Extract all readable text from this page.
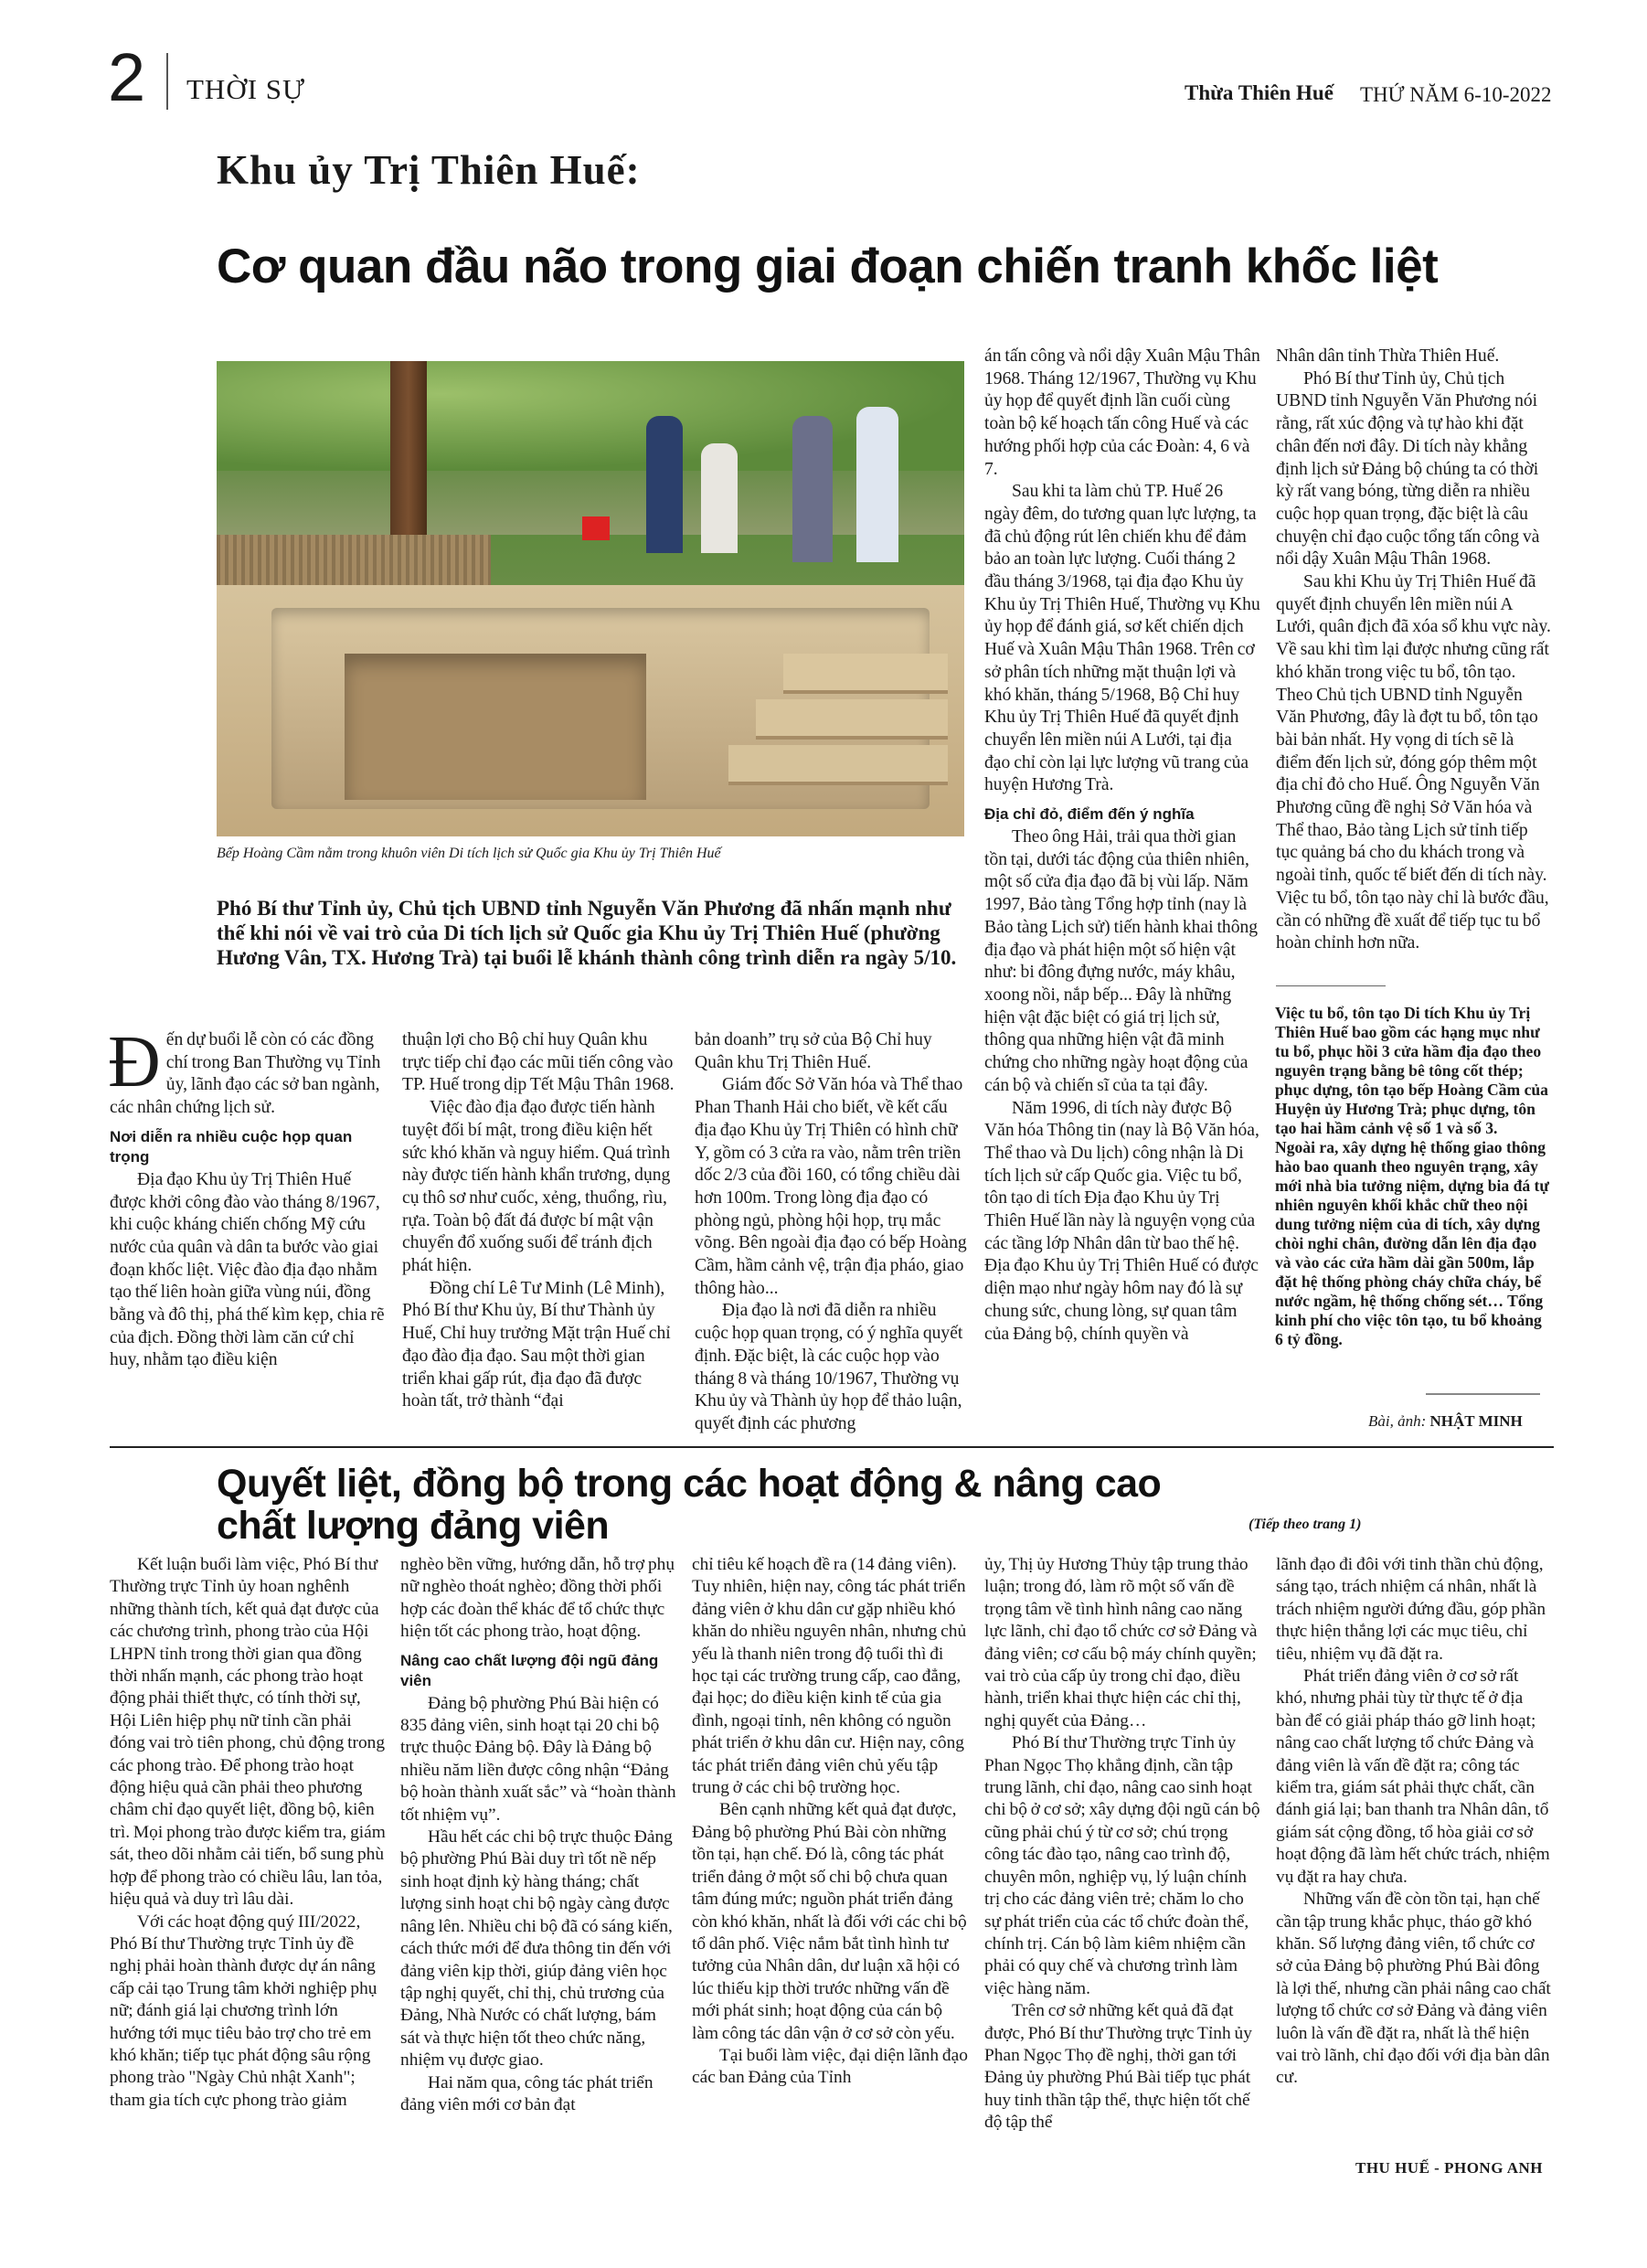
2 THỜI SỰ	Thừa Thiên Huế THỨ NĂM 6-10-2022
Khu ủy Trị Thiên Huế:
Cơ quan đầu não trong giai đoạn chiến tranh khốc liệt
Bếp Hoàng Cầm nằm trong khuôn viên Di tích lịch sử Quốc gia Khu ủy Trị Thiên Huế
Phó Bí thư Tỉnh ủy, Chủ tịch UBND tỉnh Nguyễn Văn Phương đã nhấn mạnh như thế khi nói về vai trò của Di tích lịch sử Quốc gia Khu ủy Trị Thiên Huế (phường Hương Vân, TX. Hương Trà) tại buổi lễ khánh thành công trình diễn ra ngày 5/10.

Đến dự buổi lễ còn có các đồng chí trong Ban Thường vụ Tỉnh ủy, lãnh đạo các sở ban ngành, các nhân chứng lịch sử.

Nơi diễn ra nhiều cuộc họp quan trọng

Địa đạo Khu ủy Trị Thiên Huế được khởi công đào vào tháng 8/1967, khi cuộc kháng chiến chống Mỹ cứu nước của quân và dân ta bước vào giai đoạn khốc liệt. Việc đào địa đạo nhằm tạo thế liên hoàn giữa vùng núi, đồng bằng và đô thị, phá thế kìm kẹp, chia rẽ của địch. Đồng thời làm căn cứ chỉ huy, nhằm tạo điều kiện

thuận lợi cho Bộ chỉ huy Quân khu trực tiếp chỉ đạo các mũi tiến công vào TP. Huế trong dịp Tết Mậu Thân 1968.

Việc đào địa đạo được tiến hành tuyệt đối bí mật, trong điều kiện hết sức khó khăn và nguy hiểm. Quá trình này được tiến hành khẩn trương, dụng cụ thô sơ như cuốc, xẻng, thuổng, rìu, rựa. Toàn bộ đất đá được bí mật vận chuyển đổ xuống suối để tránh địch phát hiện.

Đồng chí Lê Tư Minh (Lê Minh), Phó Bí thư Khu ủy, Bí thư Thành ủy Huế, Chỉ huy trưởng Mặt trận Huế chỉ đạo đào địa đạo. Sau một thời gian triển khai gấp rút, địa đạo đã được hoàn tất, trở thành “đại

bản doanh” trụ sở của Bộ Chỉ huy Quân khu Trị Thiên Huế.

Giám đốc Sở Văn hóa và Thể thao Phan Thanh Hải cho biết, về kết cấu địa đạo Khu ủy Trị Thiên có hình chữ Y, gồm có 3 cửa ra vào, nằm trên triền dốc 2/3 của đồi 160, có tổng chiều dài hơn 100m. Trong lòng địa đạo có phòng ngủ, phòng hội họp, trụ mắc võng. Bên ngoài địa đạo có bếp Hoàng Cầm, hầm cảnh vệ, trận địa pháo, giao thông hào...

Địa đạo là nơi đã diễn ra nhiều cuộc họp quan trọng, có ý nghĩa quyết định. Đặc biệt, là các cuộc họp vào tháng 8 và tháng 10/1967, Thường vụ Khu ủy và Thành ủy họp để thảo luận, quyết định các phương

án tấn công và nổi dậy Xuân Mậu Thân 1968. Tháng 12/1967, Thường vụ Khu ủy họp để quyết định lần cuối cùng toàn bộ kế hoạch tấn công Huế và các hướng phối hợp của các Đoàn: 4, 6 và 7.

Sau khi ta làm chủ TP. Huế 26 ngày đêm, do tương quan lực lượng, ta đã chủ động rút lên chiến khu để đảm bảo an toàn lực lượng. Cuối tháng 2 đầu tháng 3/1968, tại địa đạo Khu ủy Khu ủy Trị Thiên Huế, Thường vụ Khu ủy họp để đánh giá, sơ kết chiến dịch Huế và Xuân Mậu Thân 1968. Trên cơ sở phân tích những mặt thuận lợi và khó khăn, tháng 5/1968, Bộ Chỉ huy Khu ủy Trị Thiên Huế đã quyết định chuyển lên miền núi A Lưới, tại địa đạo chỉ còn lại lực lượng vũ trang của huyện Hương Trà.

Địa chỉ đỏ, điểm đến ý nghĩa

Theo ông Hải, trải qua thời gian tồn tại, dưới tác động của thiên nhiên, một số cửa địa đạo đã bị vùi lấp. Năm 1997, Bảo tàng Tổng hợp tỉnh (nay là Bảo tàng Lịch sử) tiến hành khai thông địa đạo và phát hiện một số hiện vật như: bi đông đựng nước, máy khâu, xoong nồi, nắp bếp... Đây là những hiện vật đặc biệt có giá trị lịch sử, thông qua những hiện vật đã minh chứng cho những ngày hoạt động của cán bộ và chiến sĩ của ta tại đây.

Năm 1996, di tích này được Bộ Văn hóa Thông tin (nay là Bộ Văn hóa, Thể thao và Du lịch) công nhận là Di tích lịch sử cấp Quốc gia. Việc tu bổ, tôn tạo di tích Địa đạo Khu ủy Trị Thiên Huế lần này là nguyện vọng của các tầng lớp Nhân dân từ bao thế hệ. Địa đạo Khu ủy Trị Thiên Huế có được diện mạo như ngày hôm nay đó là sự chung sức, chung lòng, sự quan tâm của Đảng bộ, chính quyền và

Nhân dân tỉnh Thừa Thiên Huế.

Phó Bí thư Tỉnh ủy, Chủ tịch UBND tỉnh Nguyễn Văn Phương nói rằng, rất xúc động và tự hào khi đặt chân đến nơi đây. Di tích này khẳng định lịch sử Đảng bộ chúng ta có thời kỳ rất vang bóng, từng diễn ra nhiều cuộc họp quan trọng, đặc biệt là câu chuyện chỉ đạo cuộc tổng tấn công và nổi dậy Xuân Mậu Thân 1968.

Sau khi Khu ủy Trị Thiên Huế đã quyết định chuyển lên miền núi A Lưới, quân địch đã xóa sổ khu vực này. Về sau khi tìm lại được nhưng cũng rất khó khăn trong việc tu bổ, tôn tạo. Theo Chủ tịch UBND tỉnh Nguyễn Văn Phương, đây là đợt tu bổ, tôn tạo bài bản nhất. Hy vọng di tích sẽ là điểm đến lịch sử, đóng góp thêm một địa chỉ đỏ cho Huế. Ông Nguyễn Văn Phương cũng đề nghị Sở Văn hóa và Thể thao, Bảo tàng Lịch sử tỉnh tiếp tục quảng bá cho du khách trong và ngoài tỉnh, quốc tế biết đến di tích này. Việc tu bổ, tôn tạo này chỉ là bước đầu, cần có những đề xuất để tiếp tục tu bổ hoàn chỉnh hơn nữa.

Việc tu bổ, tôn tạo Di tích Khu ủy Trị Thiên Huế bao gồm các hạng mục như tu bổ, phục hồi 3 cửa hầm địa đạo theo nguyên trạng bằng bê tông cốt thép; phục dựng, tôn tạo bếp Hoàng Cầm của Huyện ủy Hương Trà; phục dựng, tôn tạo hai hầm cảnh vệ số 1 và số 3.

Ngoài ra, xây dựng hệ thống giao thông hào bao quanh theo nguyên trạng, xây mới nhà bia tưởng niệm, dựng bia đá tự nhiên nguyên khối khắc chữ theo nội dung tưởng niệm của di tích, xây dựng chòi nghỉ chân, đường dẫn lên địa đạo và vào các cửa hầm dài gần 500m, lắp đặt hệ thống phòng cháy chữa cháy, bể nước ngầm, hệ thống chống sét… Tổng kinh phí cho việc tôn tạo, tu bổ khoảng 6 tỷ đồng.

Bài, ảnh: NHẬT MINH
Quyết liệt, đồng bộ trong các hoạt động & nâng cao chất lượng đảng viên	(Tiếp theo trang 1)

Kết luận buổi làm việc, Phó Bí thư Thường trực Tỉnh ủy hoan nghênh những thành tích, kết quả đạt được của các chương trình, phong trào của Hội LHPN tỉnh trong thời gian qua đồng thời nhấn mạnh, các phong trào hoạt động phải thiết thực, có tính thời sự, Hội Liên hiệp phụ nữ tỉnh cần phải đóng vai trò tiên phong, chủ động trong các phong trào. Để phong trào hoạt động hiệu quả cần phải theo phương châm chỉ đạo quyết liệt, đồng bộ, kiên trì. Mọi phong trào được kiểm tra, giám sát, theo dõi nhằm cải tiến, bổ sung phù hợp để phong trào có chiều lâu, lan tỏa, hiệu quả và duy trì lâu dài.

Với các hoạt động quý III/2022, Phó Bí thư Thường trực Tỉnh ủy đề nghị phải hoàn thành được dự án nâng cấp cải tạo Trung tâm khởi nghiệp phụ nữ; đánh giá lại chương trình lớn hướng tới mục tiêu bảo trợ cho trẻ em khó khăn; tiếp tục phát động sâu rộng phong trào "Ngày Chủ nhật Xanh"; tham gia tích cực phong trào giảm

nghèo bền vững, hướng dẫn, hỗ trợ phụ nữ nghèo thoát nghèo; đồng thời phối hợp các đoàn thể khác để tổ chức thực hiện tốt các phong trào, hoạt động.

Nâng cao chất lượng đội ngũ đảng viên

Đảng bộ phường Phú Bài hiện có 835 đảng viên, sinh hoạt tại 20 chi bộ trực thuộc Đảng bộ. Đây là Đảng bộ nhiều năm liền được công nhận “Đảng bộ hoàn thành xuất sắc” và “hoàn thành tốt nhiệm vụ”.

Hầu hết các chi bộ trực thuộc Đảng bộ phường Phú Bài duy trì tốt nề nếp sinh hoạt định kỳ hàng tháng; chất lượng sinh hoạt chi bộ ngày càng được nâng lên. Nhiều chi bộ đã có sáng kiến, cách thức mới để đưa thông tin đến với đảng viên kịp thời, giúp đảng viên học tập nghị quyết, chỉ thị, chủ trương của Đảng, Nhà Nước có chất lượng, bám sát và thực hiện tốt theo chức năng, nhiệm vụ được giao.

Hai năm qua, công tác phát triển đảng viên mới cơ bản đạt

chỉ tiêu kế hoạch đề ra (14 đảng viên). Tuy nhiên, hiện nay, công tác phát triển đảng viên ở khu dân cư gặp nhiều khó khăn do nhiều nguyên nhân, nhưng chủ yếu là thanh niên trong độ tuổi thì đi học tại các trường trung cấp, cao đẳng, đại học; do điều kiện kinh tế của gia đình, ngoại tỉnh, nên không có nguồn phát triển ở khu dân cư. Hiện nay, công tác phát triển đảng viên chủ yếu tập trung ở các chi bộ trường học.

Bên cạnh những kết quả đạt được, Đảng bộ phường Phú Bài còn những tồn tại, hạn chế. Đó là, công tác phát triển đảng ở một số chi bộ chưa quan tâm đúng mức; nguồn phát triển đảng còn khó khăn, nhất là đối với các chi bộ tổ dân phố. Việc nắm bắt tình hình tư tưởng của Nhân dân, dư luận xã hội có lúc thiếu kịp thời trước những vấn đề mới phát sinh; hoạt động của cán bộ làm công tác dân vận ở cơ sở còn yếu.

Tại buổi làm việc, đại diện lãnh đạo các ban Đảng của Tỉnh

ủy, Thị ủy Hương Thủy tập trung thảo luận; trong đó, làm rõ một số vấn đề trọng tâm về tình hình nâng cao năng lực lãnh, chỉ đạo tổ chức cơ sở Đảng và đảng viên; cơ cấu bộ máy chính quyền; vai trò của cấp ủy trong chỉ đạo, điều hành, triển khai thực hiện các chỉ thị, nghị quyết của Đảng…

Phó Bí thư Thường trực Tỉnh ủy Phan Ngọc Thọ khẳng định, cần tập trung lãnh, chỉ đạo, nâng cao sinh hoạt chi bộ ở cơ sở; xây dựng đội ngũ cán bộ cũng phải chú ý từ cơ sở; chú trọng công tác đào tạo, nâng cao trình độ, chuyên môn, nghiệp vụ, lý luận chính trị cho các đảng viên trẻ; chăm lo cho sự phát triển của các tổ chức đoàn thể, chính trị. Cán bộ làm kiêm nhiệm cần phải có quy chế và chương trình làm việc hàng năm.

Trên cơ sở những kết quả đã đạt được, Phó Bí thư Thường trực Tỉnh ủy Phan Ngọc Thọ đề nghị, thời gan tới Đảng ủy phường Phú Bài tiếp tục phát huy tinh thần tập thể, thực hiện tốt chế độ tập thể

lãnh đạo đi đôi với tinh thần chủ động, sáng tạo, trách nhiệm cá nhân, nhất là trách nhiệm người đứng đầu, góp phần thực hiện thắng lợi các mục tiêu, chỉ tiêu, nhiệm vụ đã đặt ra.

Phát triển đảng viên ở cơ sở rất khó, nhưng phải tùy từ thực tế ở địa bàn để có giải pháp tháo gỡ linh hoạt; nâng cao chất lượng tổ chức Đảng và đảng viên là vấn đề đặt ra; công tác kiểm tra, giám sát phải thực chất, cần đánh giá lại; ban thanh tra Nhân dân, tổ giám sát cộng đồng, tổ hòa giải cơ sở hoạt động đã làm hết chức trách, nhiệm vụ đặt ra hay chưa.

Những vấn đề còn tồn tại, hạn chế cần tập trung khắc phục, tháo gỡ khó khăn. Số lượng đảng viên, tổ chức cơ sở của Đảng bộ phường Phú Bài đông là lợi thế, nhưng cần phải nâng cao chất lượng tổ chức cơ sở Đảng và đảng viên luôn là vấn đề đặt ra, nhất là thể hiện vai trò lãnh, chỉ đạo đối với địa bàn dân cư.

THU HUẾ - PHONG ANH
